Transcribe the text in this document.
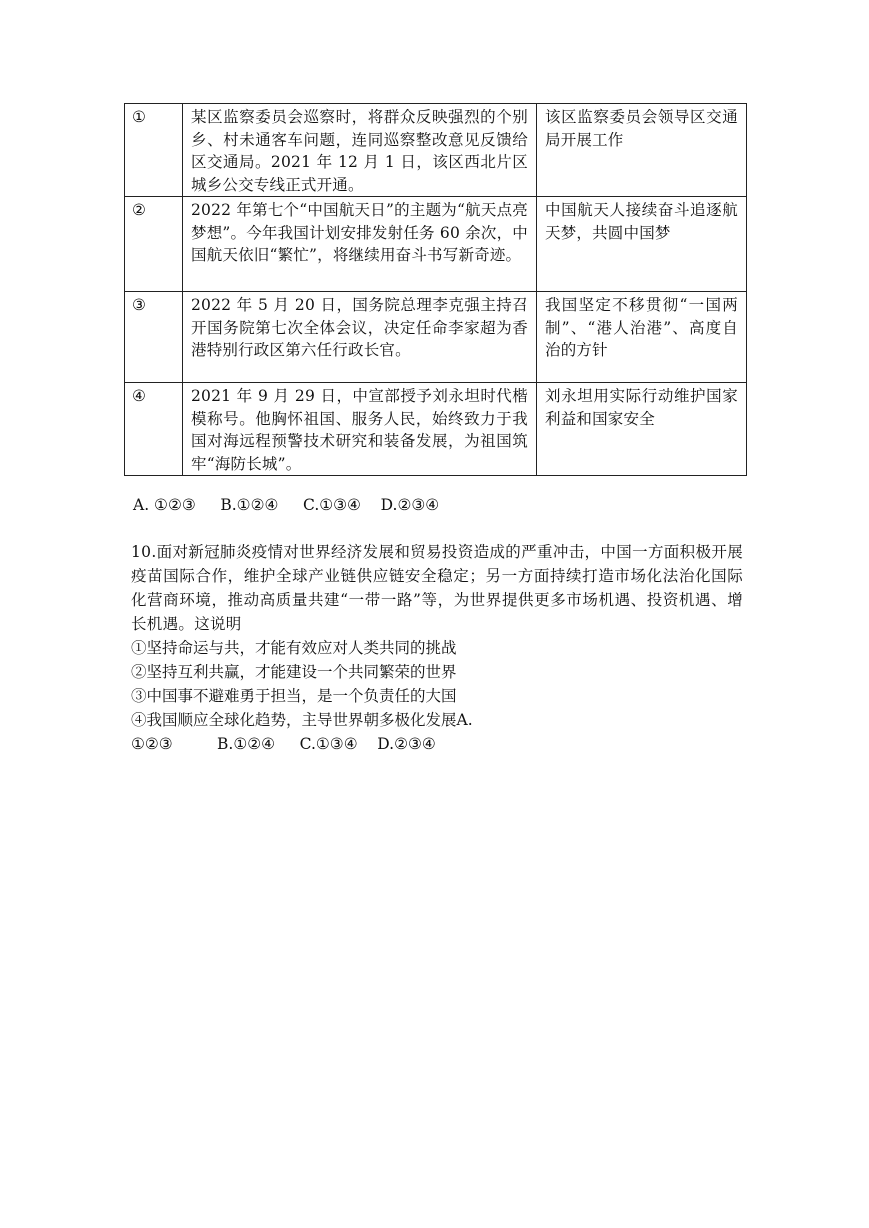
①	某区监察委员会巡察时，将群众反映强烈的个别乡、村未通客车问题，连同巡察整改意见反馈给区交通局。2021 年 12 月 1 日，该区西北片区城乡公交专线正式开通。	该区监察委员会领导区交通局开展工作
②	2022 年第七个“中国航天日”的主题为“航天点亮梦想”。今年我国计划安排发射任务 60 余次，中国航天依旧“繁忙”，将继续用奋斗书写新奇迹。	中国航天人接续奋斗追逐航天梦，共圆中国梦
③	2022 年 5 月 20 日，国务院总理李克强主持召开国务院第七次全体会议，决定任命李家超为香港特别行政区第六任行政长官。	我国坚定不移贯彻“一国两制”、“港人治港”、高度自治的方针
④	2021 年 9 月 29 日，中宣部授予刘永坦时代楷模称号。他胸怀祖国、服务人民，始终致力于我国对海远程预警技术研究和装备发展，为祖国筑牢“海防长城”。	刘永坦用实际行动维护国家利益和国家安全
A. ①②③     B.①②④     C.①③④    D.②③④
10.面对新冠肺炎疫情对世界经济发展和贸易投资造成的严重冲击，中国一方面积极开展疫苗国际合作，维护全球产业链供应链安全稳定；另一方面持续打造市场化法治化国际化营商环境，推动高质量共建“一带一路”等，为世界提供更多市场机遇、投资机遇、增长机遇。这说明
①坚持命运与共，才能有效应对人类共同的挑战
②坚持互利共赢，才能建设一个共同繁荣的世界
③中国事不避难勇于担当，是一个负责任的大国
④我国顺应全球化趋势，主导世界朝多极化发展A.
①②③         B.①②④     C.①③④    D.②③④
